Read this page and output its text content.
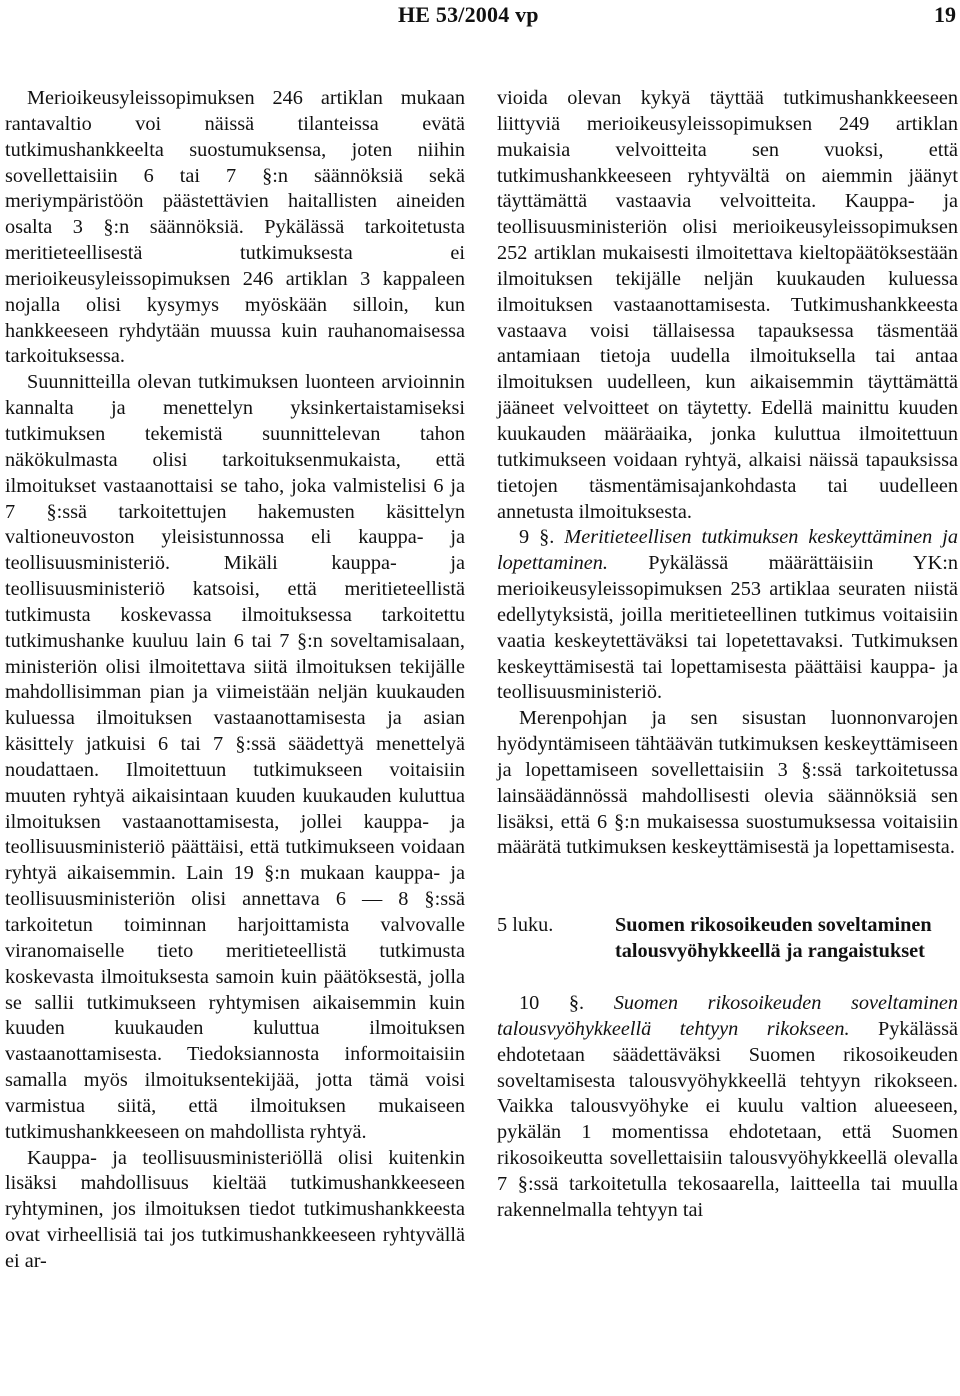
HE 53/2004 vp	19

Merioikeusyleissopimuksen 246 artiklan mukaan rantavaltio voi näissä tilanteissa evätä tutkimushankkeelta suostumuksensa, joten niihin sovellettaisiin 6 tai 7 §:n säännöksiä sekä meriympäristöön päästettävien haitallisten aineiden osalta 3 §:n säännöksiä. Pykälässä tarkoitetusta meritieteellisestä tutkimuksesta ei merioikeusyleissopimuksen 246 artiklan 3 kappaleen nojalla olisi kysymys myöskään silloin, kun hankkeeseen ryhdytään muussa kuin rauhanomaisessa tarkoituksessa.

Suunnitteilla olevan tutkimuksen luonteen arvioinnin kannalta ja menettelyn yksinkertaistamiseksi tutkimuksen tekemistä suunnittelevan tahon näkökulmasta olisi tarkoituksenmukaista, että ilmoitukset vastaanottaisi se taho, joka valmistelisi 6 ja 7 §:ssä tarkoitettujen hakemusten käsittelyn valtioneuvoston yleisistunnossa eli kauppa- ja teollisuusministeriö. Mikäli kauppa- ja teollisuusministeriö katsoisi, että meritieteellistä tutkimusta koskevassa ilmoituksessa tarkoitettu tutkimushanke kuuluu lain 6 tai 7 §:n soveltamisalaan, ministeriön olisi ilmoitettava siitä ilmoituksen tekijälle mahdollisimman pian ja viimeistään neljän kuukauden kuluessa ilmoituksen vastaanottamisesta ja asian käsittely jatkuisi 6 tai 7 §:ssä säädettyä menettelyä noudattaen. Ilmoitettuun tutkimukseen voitaisiin muuten ryhtyä aikaisintaan kuuden kuukauden kuluttua ilmoituksen vastaanottamisesta, jollei kauppa- ja teollisuusministeriö päättäisi, että tutkimukseen voidaan ryhtyä aikaisemmin. Lain 19 §:n mukaan kauppa- ja teollisuusministeriön olisi annettava 6 — 8 §:ssä tarkoitetun toiminnan harjoittamista valvovalle viranomaiselle tieto meritieteellistä tutkimusta koskevasta ilmoituksesta samoin kuin päätöksestä, jolla se sallii tutkimukseen ryhtymisen aikaisemmin kuin kuuden kuukauden kuluttua ilmoituksen vastaanottamisesta. Tiedoksiannosta informoitaisiin samalla myös ilmoituksentekijää, jotta tämä voisi varmistua siitä, että ilmoituksen mukaiseen tutkimushankkeeseen on mahdollista ryhtyä.

Kauppa- ja teollisuusministeriöllä olisi kuitenkin lisäksi mahdollisuus kieltää tutkimushankkeeseen ryhtyminen, jos ilmoituksen tiedot tutkimushankkeesta ovat virheellisiä tai jos tutkimushankkeeseen ryhtyvällä ei ar-

vioida olevan kykyä täyttää tutkimushankkeeseen liittyviä merioikeusyleissopimuksen 249 artiklan mukaisia velvoitteita sen vuoksi, että tutkimushankkeeseen ryhtyvältä on aiemmin jäänyt täyttämättä vastaavia velvoitteita. Kauppa- ja teollisuusministeriön olisi merioikeusyleissopimuksen 252 artiklan mukaisesti ilmoitettava kieltopäätöksestään ilmoituksen tekijälle neljän kuukauden kuluessa ilmoituksen vastaanottamisesta. Tutkimushankkeesta vastaava voisi tällaisessa tapauksessa täsmentää antamiaan tietoja uudella ilmoituksella tai antaa ilmoituksen uudelleen, kun aikaisemmin täyttämättä jääneet velvoitteet on täytetty. Edellä mainittu kuuden kuukauden määräaika, jonka kuluttua ilmoitettuun tutkimukseen voidaan ryhtyä, alkaisi näissä tapauksissa tietojen täsmentämisajankohdasta tai uudelleen annetusta ilmoituksesta.

9 §. Meritieteellisen tutkimuksen keskeyttäminen ja lopettaminen. Pykälässä määrättäisiin YK:n merioikeusyleissopimuksen 253 artiklaa seuraten niistä edellytyksistä, joilla meritieteellinen tutkimus voitaisiin vaatia keskeytettäväksi tai lopetettavaksi. Tutkimuksen keskeyttämisestä tai lopettamisesta päättäisi kauppa- ja teollisuusministeriö.

Merenpohjan ja sen sisustan luonnonvarojen hyödyntämiseen tähtäävän tutkimuksen keskeyttämiseen ja lopettamiseen sovellettaisiin 3 §:ssä tarkoitetussa lainsäädännössä mahdollisesti olevia säännöksiä sen lisäksi, että 6 §:n mukaisessa suostumuksessa voitaisiin määrätä tutkimuksen keskeyttämisestä ja lopettamisesta.

5 luku.	Suomen rikosoikeuden soveltaminen talousvyöhykkeellä ja rangaistukset

10 §. Suomen rikosoikeuden soveltaminen talousvyöhykkeellä tehtyyn rikokseen. Pykälässä ehdotetaan säädettäväksi Suomen rikosoikeuden soveltamisesta talousvyöhykkeellä tehtyyn rikokseen. Vaikka talousvyöhyke ei kuulu valtion alueeseen, pykälän 1 momentissa ehdotetaan, että Suomen rikosoikeutta sovellettaisiin talousvyöhykkeellä olevalla 7 §:ssä tarkoitetulla tekosaarella, laitteella tai muulla rakennelmalla tehtyyn tai
